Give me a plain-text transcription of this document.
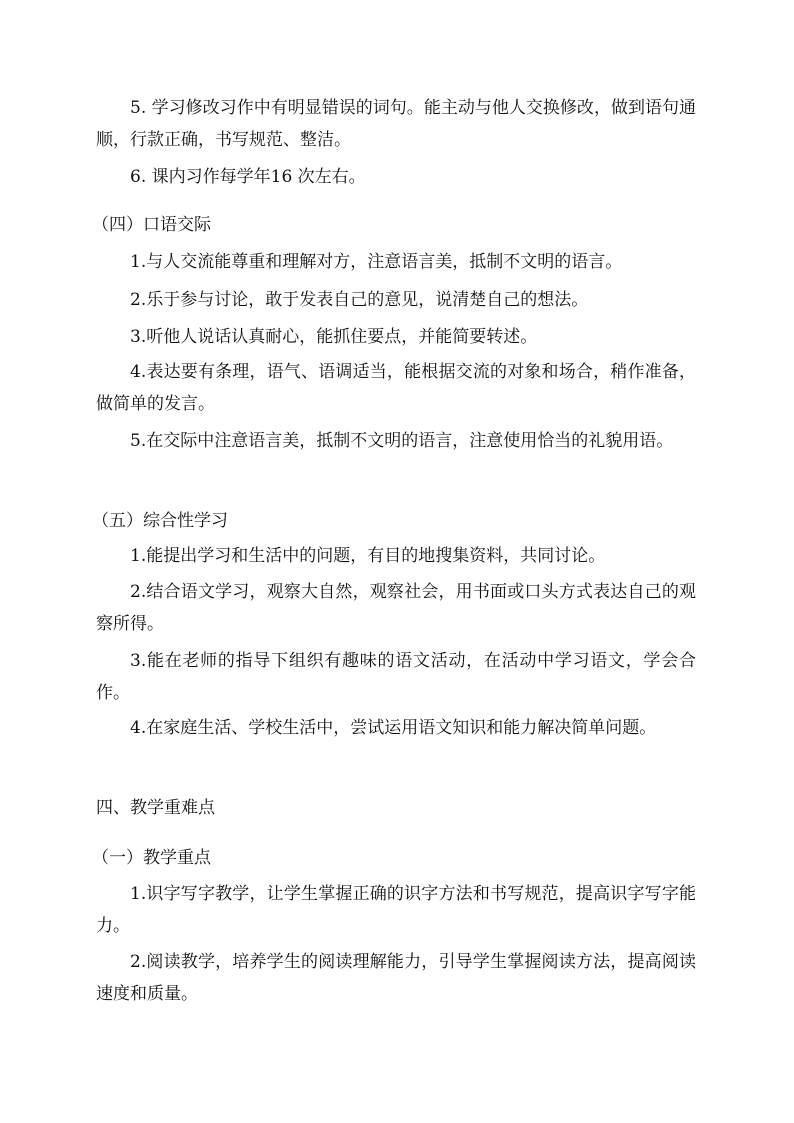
5. 学习修改习作中有明显错误的词句。能主动与他人交换修改，做到语句通顺，行款正确，书写规范、整洁。

6. 课内习作每学年16 次左右。

（四）口语交际

1.与人交流能尊重和理解对方，注意语言美，抵制不文明的语言。

2.乐于参与讨论，敢于发表自己的意见，说清楚自己的想法。

3.听他人说话认真耐心，能抓住要点，并能简要转述。

4.表达要有条理，语气、语调适当，能根据交流的对象和场合，稍作准备，做简单的发言。

5.在交际中注意语言美，抵制不文明的语言，注意使用恰当的礼貌用语。

（五）综合性学习

1.能提出学习和生活中的问题，有目的地搜集资料，共同讨论。

2.结合语文学习，观察大自然，观察社会，用书面或口头方式表达自己的观察所得。

3.能在老师的指导下组织有趣味的语文活动，在活动中学习语文，学会合作。

4.在家庭生活、学校生活中，尝试运用语文知识和能力解决简单问题。

四、教学重难点

（一）教学重点

1.识字写字教学，让学生掌握正确的识字方法和书写规范，提高识字写字能力。

2.阅读教学，培养学生的阅读理解能力，引导学生掌握阅读方法，提高阅读速度和质量。
